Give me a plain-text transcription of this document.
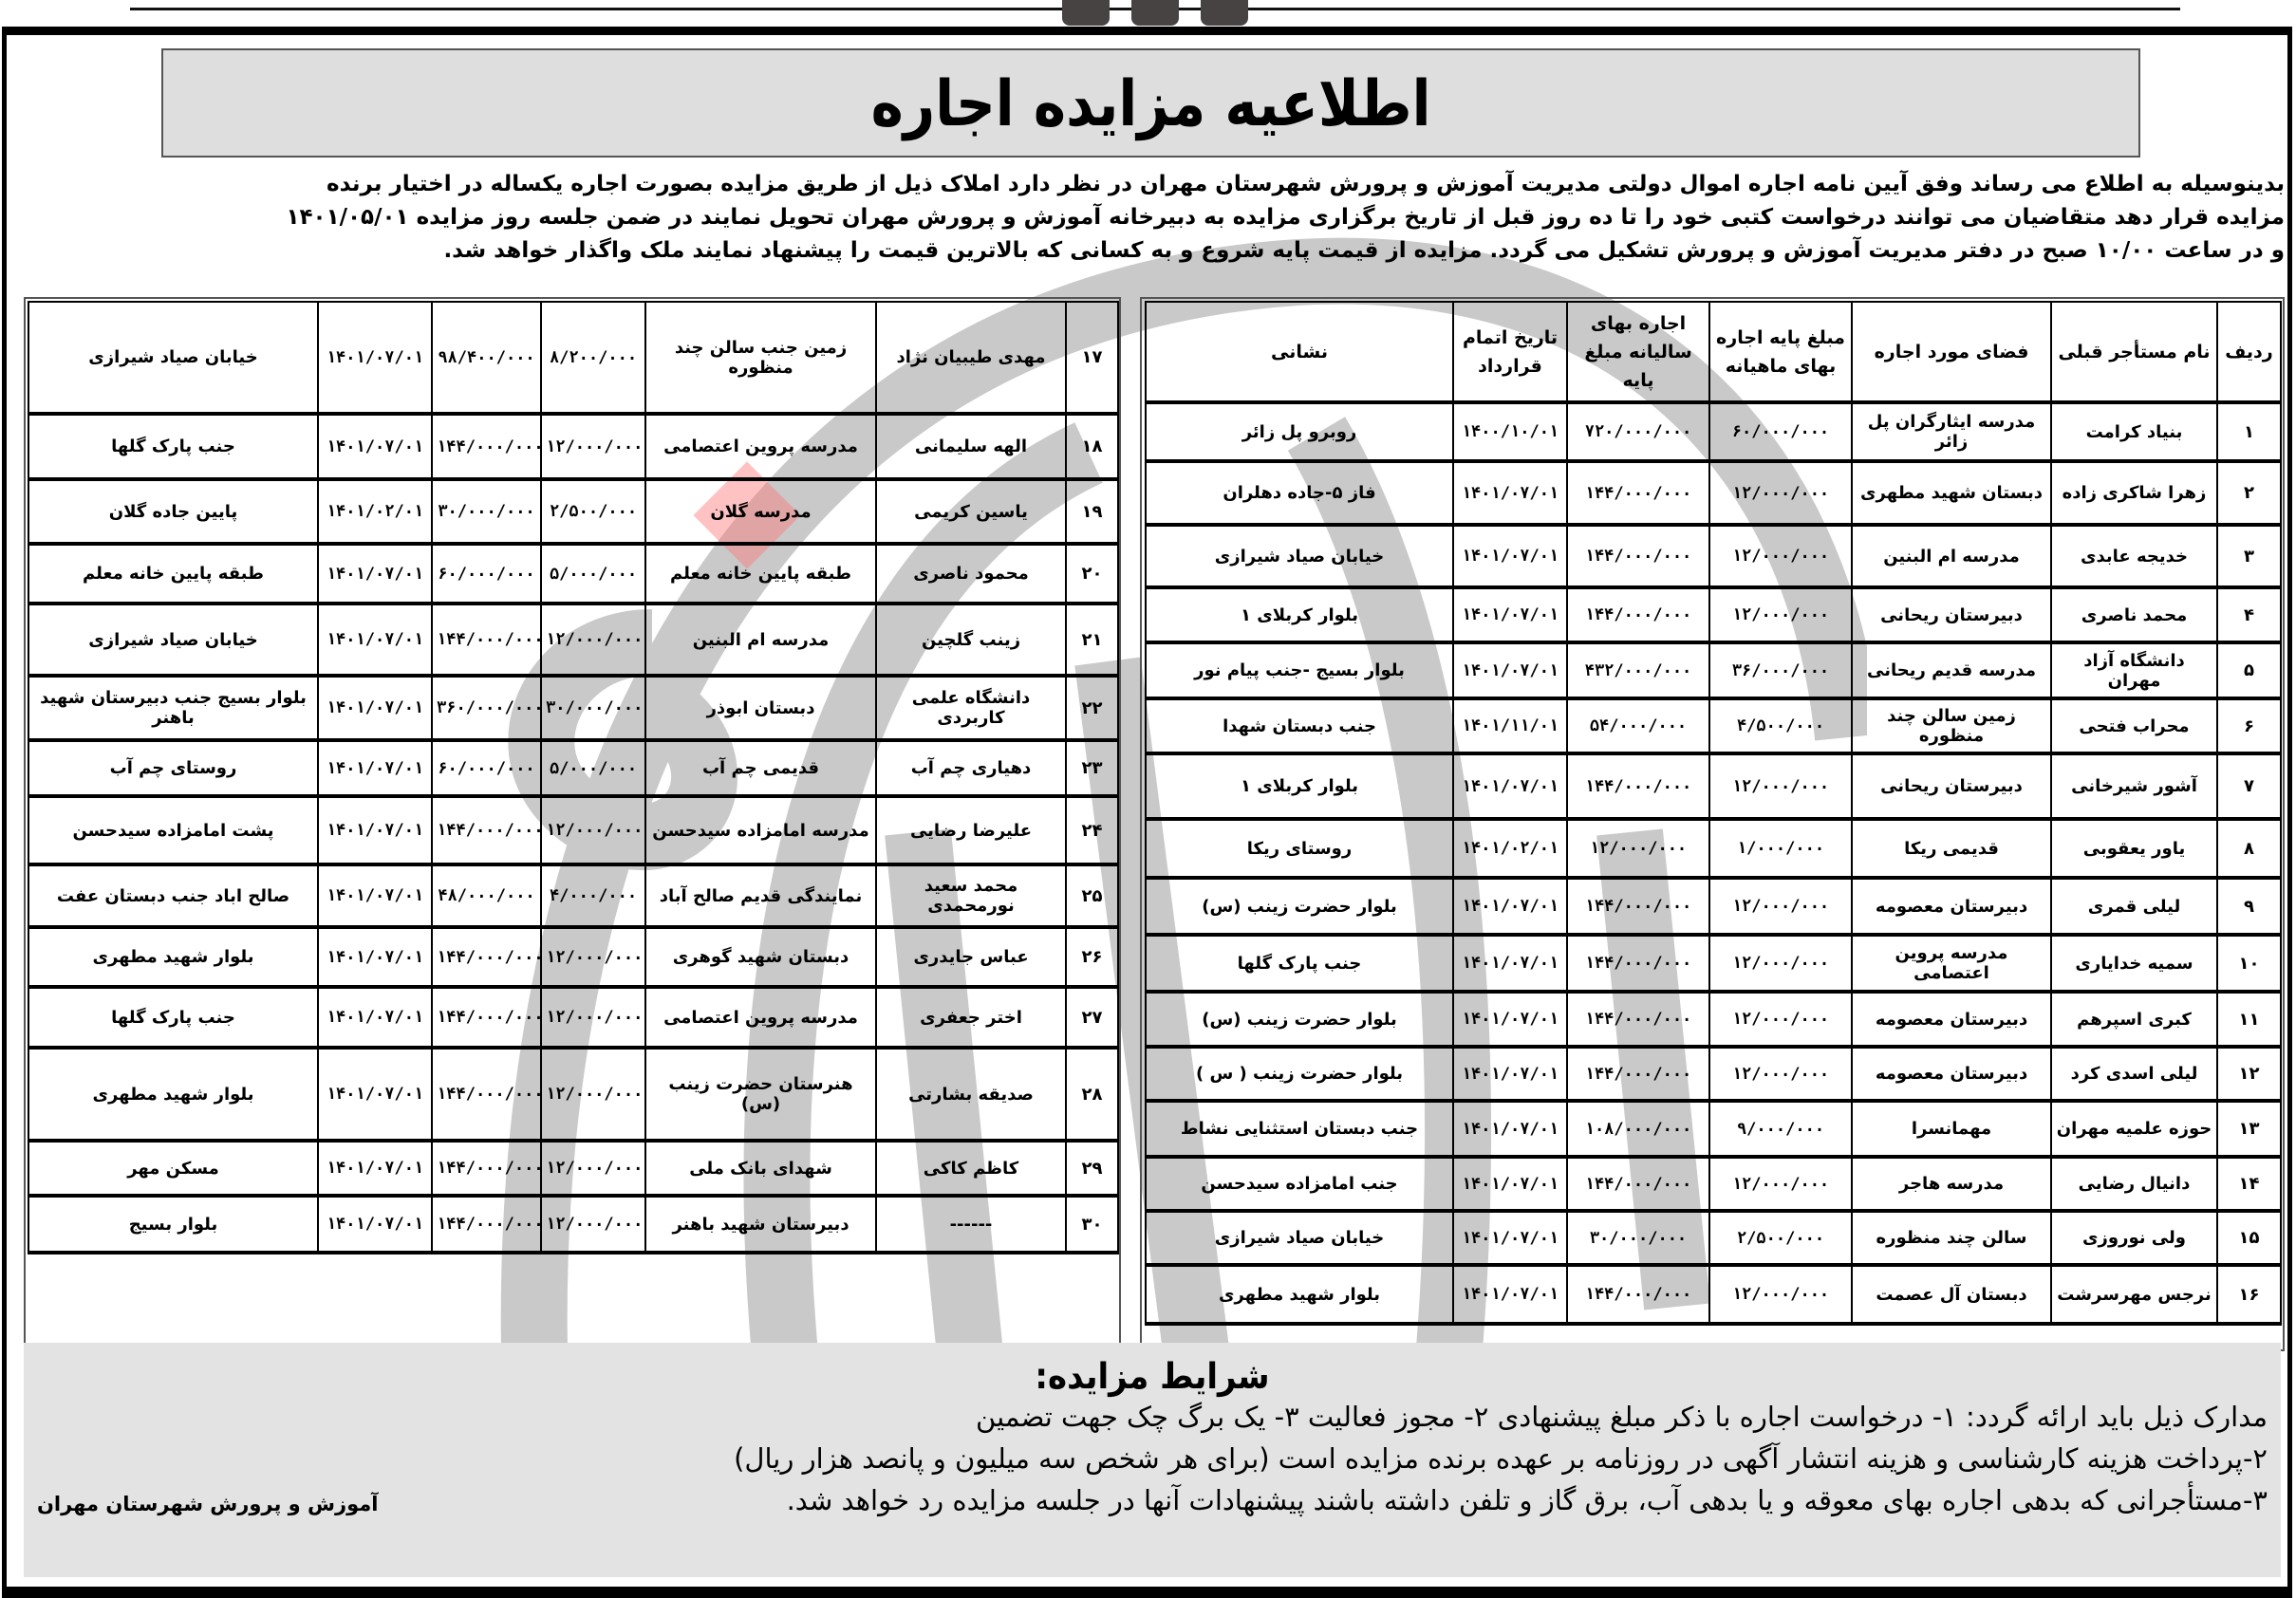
اطلاعیه مزایده اجاره
بدینوسیله به اطلاع می رساند وفق آیین نامه اجاره اموال دولتی مدیریت آموزش و پرورش شهرستان مهران در نظر دارد املاک ذیل از طریق مزایده بصورت اجاره یکساله در اختیار برنده
مزایده قرار دهد متقاضیان می توانند درخواست کتبی خود را تا ده روز قبل از تاریخ برگزاری مزایده به دبیرخانه آموزش و پرورش مهران تحویل نمایند در ضمن جلسه روز مزایده ۱۴۰۱/۰۵/۰۱
و در ساعت ۱۰/۰۰ صبح در دفتر مدیریت آموزش و پرورش تشکیل می گردد. مزایده از قیمت پایه شروع و به کسانی که بالاترین قیمت را پیشنهاد نمایند ملک واگذار خواهد شد.
ردیف	نام مستأجر قبلی	فضای مورد اجاره	مبلغ پایه اجاره بهای ماهیانه	اجاره بهای سالیانه مبلغ پایه	تاریخ اتمام قرارداد	نشانی
۱	بنیاد کرامت	مدرسه ایثارگران پل زائر	۶۰/۰۰۰/۰۰۰	۷۲۰/۰۰۰/۰۰۰	۱۴۰۰/۱۰/۰۱	روبرو پل زائر
۲	زهرا شاکری زاده	دبستان شهید مطهری	۱۲/۰۰۰/۰۰۰	۱۴۴/۰۰۰/۰۰۰	۱۴۰۱/۰۷/۰۱	فاز ۵-جاده دهلران
۳	خدیجه عابدی	مدرسه ام البنین	۱۲/۰۰۰/۰۰۰	۱۴۴/۰۰۰/۰۰۰	۱۴۰۱/۰۷/۰۱	خیابان صیاد شیرازی
۴	محمد ناصری	دبیرستان ریحانی	۱۲/۰۰۰/۰۰۰	۱۴۴/۰۰۰/۰۰۰	۱۴۰۱/۰۷/۰۱	بلوار کربلای ۱
۵	دانشگاه آزاد مهران	مدرسه قدیم ریحانی	۳۶/۰۰۰/۰۰۰	۴۳۲/۰۰۰/۰۰۰	۱۴۰۱/۰۷/۰۱	بلوار بسیج -جنب پیام نور
۶	محراب فتحی	زمین سالن چند منظوره	۴/۵۰۰/۰۰۰	۵۴/۰۰۰/۰۰۰	۱۴۰۱/۱۱/۰۱	جنب دبستان شهدا
۷	آشور شیرخانی	دبیرستان ریحانی	۱۲/۰۰۰/۰۰۰	۱۴۴/۰۰۰/۰۰۰	۱۴۰۱/۰۷/۰۱	بلوار کربلای ۱
۸	یاور یعقوبی	قدیمی ریکا	۱/۰۰۰/۰۰۰	۱۲/۰۰۰/۰۰۰	۱۴۰۱/۰۲/۰۱	روستای ریکا
۹	لیلی قمری	دبیرستان معصومه	۱۲/۰۰۰/۰۰۰	۱۴۴/۰۰۰/۰۰۰	۱۴۰۱/۰۷/۰۱	بلوار حضرت زینب (س)
۱۰	سمیه خدایاری	مدرسه پروین اعتصامی	۱۲/۰۰۰/۰۰۰	۱۴۴/۰۰۰/۰۰۰	۱۴۰۱/۰۷/۰۱	جنب پارک گلها
۱۱	کبری اسپرهم	دبیرستان معصومه	۱۲/۰۰۰/۰۰۰	۱۴۴/۰۰۰/۰۰۰	۱۴۰۱/۰۷/۰۱	بلوار حضرت زینب (س)
۱۲	لیلی اسدی کرد	دبیرستان معصومه	۱۲/۰۰۰/۰۰۰	۱۴۴/۰۰۰/۰۰۰	۱۴۰۱/۰۷/۰۱	بلوار حضرت زینب ( س )
۱۳	حوزه علمیه مهران	مهمانسرا	۹/۰۰۰/۰۰۰	۱۰۸/۰۰۰/۰۰۰	۱۴۰۱/۰۷/۰۱	جنب دبستان استثنایی نشاط
۱۴	دانیال رضایی	مدرسه هاجر	۱۲/۰۰۰/۰۰۰	۱۴۴/۰۰۰/۰۰۰	۱۴۰۱/۰۷/۰۱	جنب امامزاده سیدحسن
۱۵	ولی نوروزی	سالن چند منظوره	۲/۵۰۰/۰۰۰	۳۰/۰۰۰/۰۰۰	۱۴۰۱/۰۷/۰۱	خیابان صیاد شیرازی
۱۶	نرجس مهرسرشت	دبستان آل عصمت	۱۲/۰۰۰/۰۰۰	۱۴۴/۰۰۰/۰۰۰	۱۴۰۱/۰۷/۰۱	بلوار شهید مطهری
۱۷	مهدی طیبیان نژاد	زمین جنب سالن چند منظوره	۸/۲۰۰/۰۰۰	۹۸/۴۰۰/۰۰۰	۱۴۰۱/۰۷/۰۱	خیابان صیاد شیرازی
۱۸	الهه سلیمانی	مدرسه پروین اعتصامی	۱۲/۰۰۰/۰۰۰	۱۴۴/۰۰۰/۰۰۰	۱۴۰۱/۰۷/۰۱	جنب پارک گلها
۱۹	یاسین کریمی	مدرسه گلان	۲/۵۰۰/۰۰۰	۳۰/۰۰۰/۰۰۰	۱۴۰۱/۰۲/۰۱	پایین جاده گلان
۲۰	محمود ناصری	طبقه پایین خانه معلم	۵/۰۰۰/۰۰۰	۶۰/۰۰۰/۰۰۰	۱۴۰۱/۰۷/۰۱	طبقه پایین خانه معلم
۲۱	زینب گلچین	مدرسه ام البنین	۱۲/۰۰۰/۰۰۰	۱۴۴/۰۰۰/۰۰۰	۱۴۰۱/۰۷/۰۱	خیابان صیاد شیرازی
۲۲	دانشگاه علمی کاربردی	دبستان ابوذر	۳۰/۰۰۰/۰۰۰	۳۶۰/۰۰۰/۰۰۰	۱۴۰۱/۰۷/۰۱	بلوار بسیج جنب دبیرستان شهید باهنر
۲۳	دهیاری چم آب	قدیمی چم آب	۵/۰۰۰/۰۰۰	۶۰/۰۰۰/۰۰۰	۱۴۰۱/۰۷/۰۱	روستای چم آب
۲۴	علیرضا رضایی	مدرسه امامزاده سیدحسن	۱۲/۰۰۰/۰۰۰	۱۴۴/۰۰۰/۰۰۰	۱۴۰۱/۰۷/۰۱	پشت امامزاده سیدحسن
۲۵	محمد سعید نورمحمدی	نمایندگی قدیم صالح آباد	۴/۰۰۰/۰۰۰	۴۸/۰۰۰/۰۰۰	۱۴۰۱/۰۷/۰۱	صالح اباد جنب دبستان عفت
۲۶	عباس جایدری	دبستان شهید گوهری	۱۲/۰۰۰/۰۰۰	۱۴۴/۰۰۰/۰۰۰	۱۴۰۱/۰۷/۰۱	بلوار شهید مطهری
۲۷	اختر جعفری	مدرسه پروین اعتصامی	۱۲/۰۰۰/۰۰۰	۱۴۴/۰۰۰/۰۰۰	۱۴۰۱/۰۷/۰۱	جنب پارک گلها
۲۸	صدیقه بشارتی	هنرستان حضرت زینب (س)	۱۲/۰۰۰/۰۰۰	۱۴۴/۰۰۰/۰۰۰	۱۴۰۱/۰۷/۰۱	بلوار شهید مطهری
۲۹	کاظم کاکی	شهدای بانک ملی	۱۲/۰۰۰/۰۰۰	۱۴۴/۰۰۰/۰۰۰	۱۴۰۱/۰۷/۰۱	مسکن مهر
۳۰	------	دبیرستان شهید باهنر	۱۲/۰۰۰/۰۰۰	۱۴۴/۰۰۰/۰۰۰	۱۴۰۱/۰۷/۰۱	بلوار بسیج
شرایط مزایده:

مدارک ذیل باید ارائه گردد: ۱- درخواست اجاره با ذکر مبلغ پیشنهادی ۲- مجوز فعالیت ۳- یک برگ چک جهت تضمین

۲-پرداخت هزینه کارشناسی و هزینه انتشار آگهی در روزنامه بر عهده برنده مزایده است (برای هر شخص سه میلیون و پانصد هزار ریال)

۳-مستأجرانی که بدهی اجاره بهای معوقه و یا بدهی آب، برق گاز و تلفن داشته باشند پیشنهادات آنها در جلسه مزایده رد خواهد شد.
آموزش و پرورش شهرستان مهران
